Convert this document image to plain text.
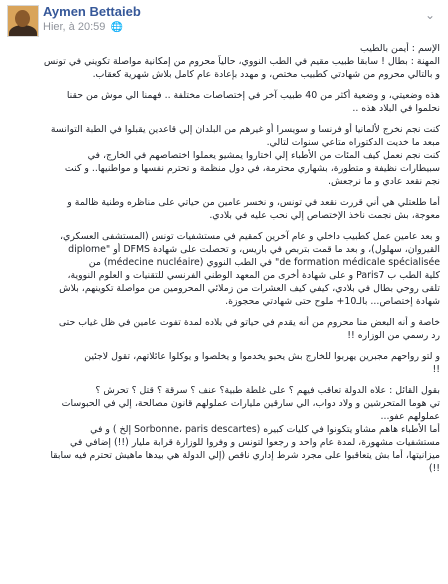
Aymen Bettaieb
Hier, à 20:59 🌐
⌄
الإسم : أيمن بالطيب
المهنة : بطال ! سابقا طبيب مقيم في الطب النووي، حالياً محروم من إمكانية مواصلة تكويني في تونس
و بالتالي محروم من شهادتي كطبيب مختص، و مهدد بإعادة عام كامل بلاش شهرية كعقاب.
هذه وضعيتي، و وضعية أكثر من 40 طبيب آخر في إختصاصات مختلفة .. فهمنا الي موش من حقنا
نحلموا في البلاد هذه ..
كنت نجم نخرج لألمانيا أو فرنسا و سويسرا أو غيرهم من البلدان إلي قاعدين يقبلوا في الطبة التوانسة
مبعد ما خديت الدكتوراه متاعي سنوات لتالي.
كنت نجم نعمل كيف المئات من الأطباء إلي اختاروا يمشيو يعملوا اختصاصهم في الخارج، في
سبيطارات نظيفة و متطورة، بشهاري محترمة، في دول منظمة و تحترم نفسها و مواطنيها.. و كنت
نجم نقعد عادي و ما نرجعش.
أما طلعتلي هي أني قررت نقعد في تونس، و نخسر عامين من حياتي على مناظره وطنية ظالمة و
معوجة، بش نجمت ناخذ الإختصاص إلي نحب عليه في بلادي.
و بعد عامين عمل كطبيب داخلي و عام آخرين كمقيم في مستشفيات تونس (المستشفى العسكري،
القيروان، سهلول)، و بعد ما قمت بتربص في باريس، و تحصلت على شهادة DFMS أو "diplome
de formation médicale spécialisée" في الطب النووي (médecine nucléaire) من
كلية الطب ب Paris7 و على شهادة أخرى من المعهد الوطني الفرنسي للتقنيات و العلوم النووية،
تلقى روحي بطال في بلادي، كيفي كيف العشرات من زملائي المحرومين من مواصلة تكوينهم، بلاش
شهادة إختصاص... بالـ10+ ملوح حتى شهادتي محجوزة.
خاصة و أنه البعض منا محروم من أنه يقدم في حياتو في بلاده لمدة تفوت عامين في ظل غياب حتى
رد رسمي من الوزاره !!
و لتو رواحهم مجبرين يهربوا للخارج بش يحبو يخدموا و يخلصوا و يوكلوا عائلاتهم، تقول لاجئين
!!
بقول القائل : علاه الدولة تعاقب فيهم ؟ على غلطة طبية؟ عنف ؟ سرقة ؟ قتل ؟ تحرش ؟
تي هوما المتحرشين و ولاد دواب، الي سارقين مليارات عملولهم قانون مصالحة، إلي في الحبوسات
عملولهم عفو...
أما الأطباء هاهم مشاو يتكونوا في كليات كبيره (Sorbonne، paris descartes إلخ ) و في
مستشفيات مشهورة، لمدة عام واحد و رجعوا لتونس و وفروا للوزارة قرابة مليار (!!) إضافي في
ميزانيتها، أما بش يتعاقبوا على مجرد شرط إداري ناقص (إلي الدولة هي بيدها ماهيش تحترم فيه سابقا
!!)
